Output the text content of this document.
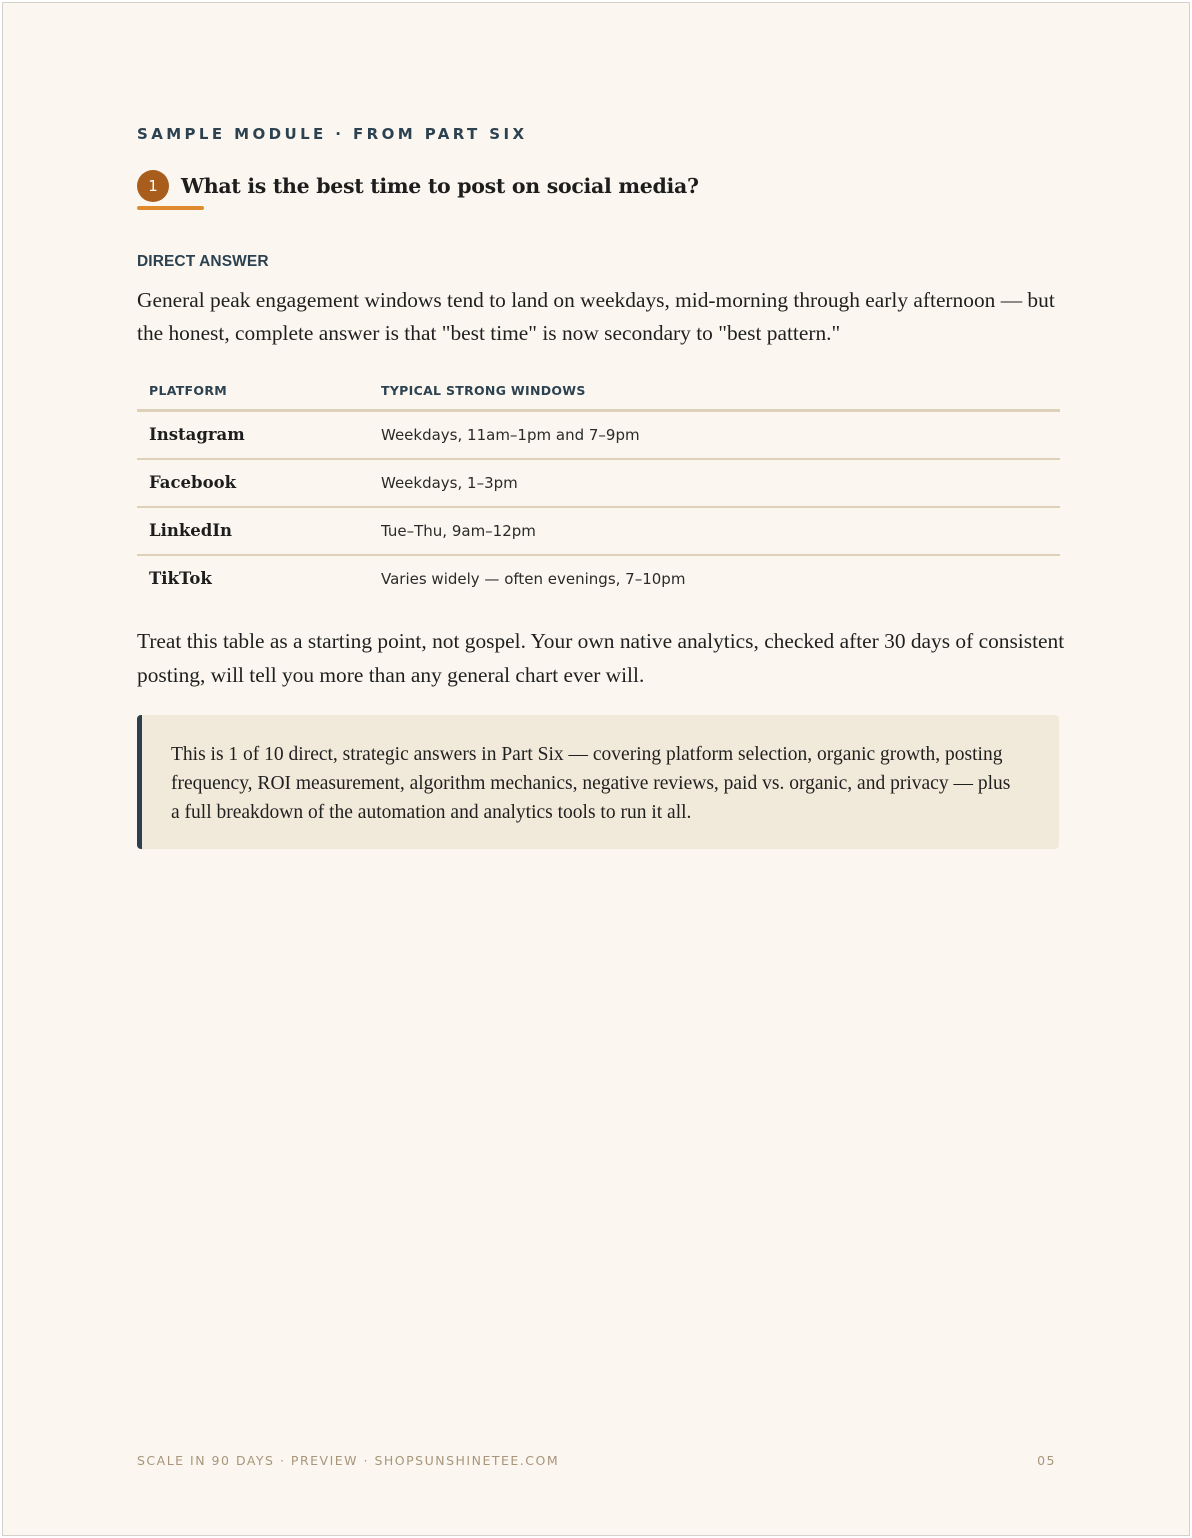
SAMPLE MODULE · FROM PART SIX
1	What is the best time to post on social media?
DIRECT ANSWER

General peak engagement windows tend to land on weekdays, mid-morning through early afternoon — but the honest, complete answer is that "best time" is now secondary to "best pattern."

PLATFORM	TYPICAL STRONG WINDOWS
Instagram	Weekdays, 11am–1pm and 7–9pm
Facebook	Weekdays, 1–3pm
LinkedIn	Tue–Thu, 9am–12pm
TikTok	Varies widely — often evenings, 7–10pm

Treat this table as a starting point, not gospel. Your own native analytics, checked after 30 days of consistent posting, will tell you more than any general chart ever will.

This is 1 of 10 direct, strategic answers in Part Six — covering platform selection, organic growth, posting frequency, ROI measurement, algorithm mechanics, negative reviews, paid vs. organic, and privacy — plus a full breakdown of the automation and analytics tools to run it all.

SCALE IN 90 DAYS · PREVIEW · SHOPSUNSHINETEE.COM	05
